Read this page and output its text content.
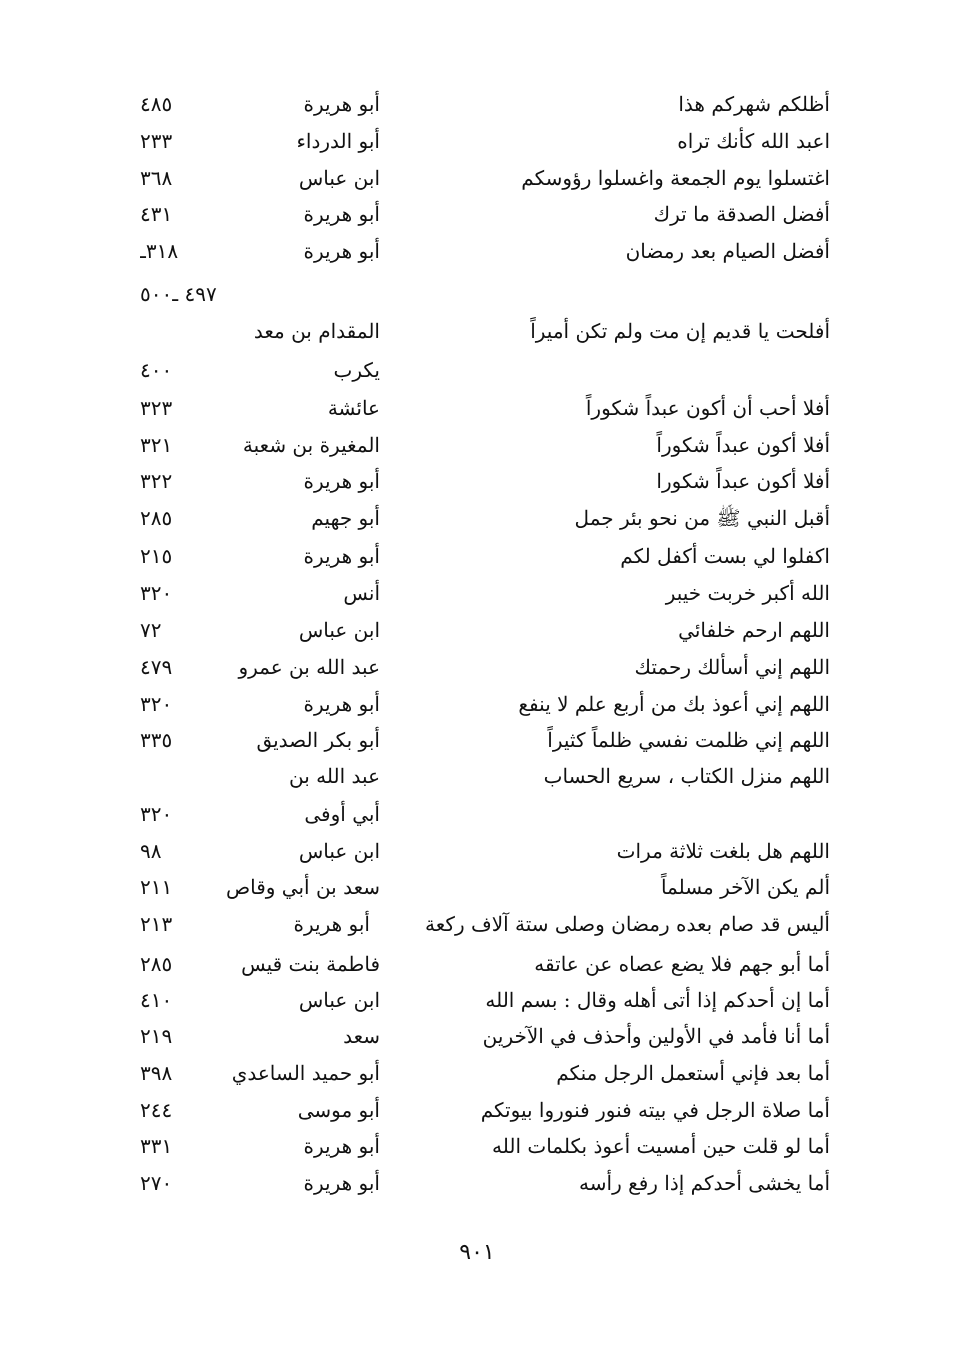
أظلكم شهركم هذا
أبو هريرة
٤٨٥
اعبد الله كأنك تراه
أبو الدرداء
٢٣٣
اغتسلوا يوم الجمعة واغسلوا رؤوسكم
ابن عباس
٣٦٨
أفضل الصدقة ما ترك
أبو هريرة
٤٣١
أفضل الصيام بعد رمضان
أبو هريرة
٣١٨ـ
٤٩٧ ـ٥٠٠
أفلحت يا قديم إن مت ولم تكن أميراً
المقدام بن معد
يكرب
٤٠٠
أفلا أحب أن أكون عبداً شكوراً
عائشة
٣٢٣
أفلا أكون عبداً شكوراً
المغيرة بن شعبة
٣٢١
أفلا أكون عبداً شكورا
أبو هريرة
٣٢٢
أقبل النبي ﷺ من نحو بئر جمل
أبو جهيم
٢٨٥
اكفلوا لي بست أكفل لكم
أبو هريرة
٢١٥
الله أكبر خربت خيبر
أنس
٣٢٠
اللهم ارحم خلفائي
ابن عباس
٧٢
اللهم إني أسألك رحمتك
عبد الله بن عمرو
٤٧٩
اللهم إني أعوذ بك من أربع علم لا ينفع
أبو هريرة
٣٢٠
اللهم إني ظلمت نفسي ظلماً كثيراً
أبو بكر الصديق
٣٣٥
اللهم منزل الكتاب ، سريع الحساب
عبد الله بن
أبي أوفى
٣٢٠
اللهم هل بلغت ثلاثة مرات
ابن عباس
٩٨
ألم يكن الآخر مسلماً
سعد بن أبي وقاص
٢١١
أليس قد صام بعده رمضان وصلى ستة آلاف ركعة
أبو هريرة
٢١٣
أما أبو جهم فلا يضع عصاه عن عاتقه
فاطمة بنت قيس
٢٨٥
أما إن أحدكم إذا أتى أهله وقال : بسم الله
ابن عباس
٤١٠
أما أنا فأمد في الأولين وأحذف في الآخرين
سعد
٢١٩
أما بعد فإني أستعمل الرجل منكم
أبو حميد الساعدي
٣٩٨
أما صلاة الرجل في بيته فنور فنوروا بيوتكم
أبو موسى
٢٤٤
أما لو قلت حين أمسيت أعوذ بكلمات الله
أبو هريرة
٣٣١
أما يخشى أحدكم إذا رفع رأسه
أبو هريرة
٢٧٠
٩٠١
